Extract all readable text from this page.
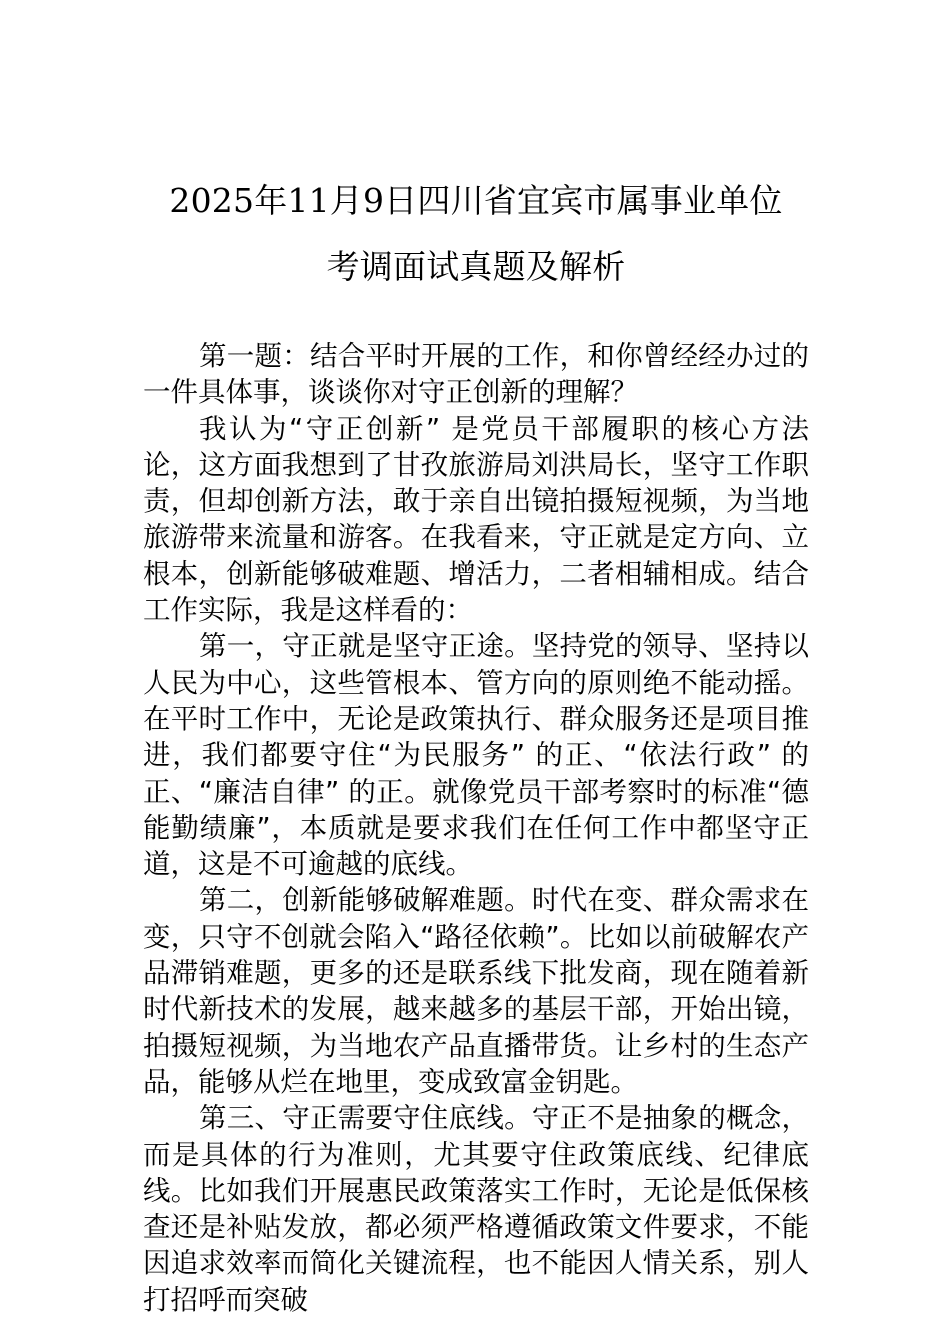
2025年11月9日四川省宜宾市属事业单位
考调面试真题及解析

第一题：结合平时开展的工作，和你曾经经办过的一件具体事，谈谈你对守正创新的理解？

我认为“守正创新” 是党员干部履职的核心方法论，这方面我想到了甘孜旅游局刘洪局长，坚守工作职责，但却创新方法，敢于亲自出镜拍摄短视频，为当地旅游带来流量和游客。在我看来，守正就是定方向、立根本，创新能够破难题、增活力，二者相辅相成。结合工作实际，我是这样看的：

第一，守正就是坚守正途。坚持党的领导、坚持以人民为中心，这些管根本、管方向的原则绝不能动摇。在平时工作中，无论是政策执行、群众服务还是项目推进，我们都要守住“为民服务” 的正、“依法行政” 的正、“廉洁自律” 的正。就像党员干部考察时的标准“德能勤绩廉”，本质就是要求我们在任何工作中都坚守正道，这是不可逾越的底线。

第二，创新能够破解难题。时代在变、群众需求在变，只守不创就会陷入“路径依赖”。比如以前破解农产品滞销难题，更多的还是联系线下批发商，现在随着新时代新技术的发展，越来越多的基层干部，开始出镜，拍摄短视频，为当地农产品直播带货。让乡村的生态产品，能够从烂在地里，变成致富金钥匙。

第三、守正需要守住底线。守正不是抽象的概念，而是具体的行为准则，尤其要守住政策底线、纪律底线。比如我们开展惠民政策落实工作时，无论是低保核查还是补贴发放，都必须严格遵循政策文件要求，不能因追求效率而简化关键流程，也不能因人情关系，别人打招呼而突破
